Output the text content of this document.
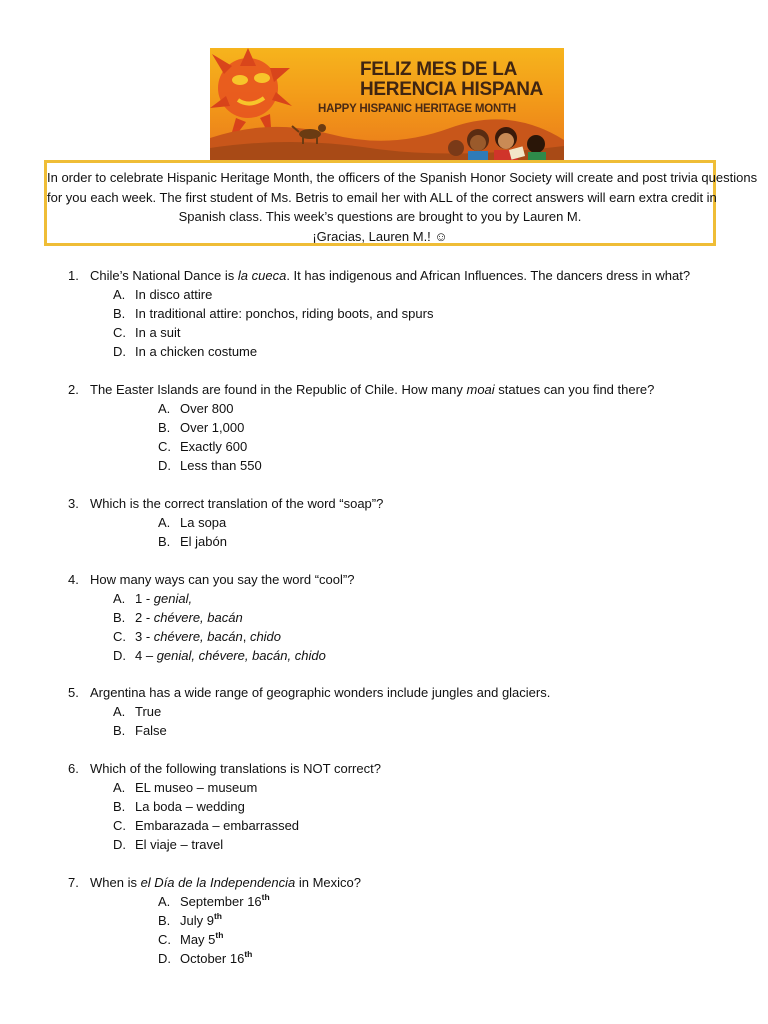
FELIZ MES DE LA
HERENCIA HISPANA
HAPPY HISPANIC HERITAGE MONTH
In order to celebrate Hispanic Heritage Month, the officers of the Spanish Honor Society will create and post trivia questions
for you each week. The first student of Ms. Betris to email her with ALL of the correct answers will earn extra credit in
Spanish class. This week’s questions are brought to you by Lauren M.
¡Gracias, Lauren M.! ☺
1. Chile’s National Dance is la cueca. It has indigenous and African Influences. The dancers dress in what?
A. In disco attire
B. In traditional attire: ponchos, riding boots, and spurs
C. In a suit
D. In a chicken costume
2. The Easter Islands are found in the Republic of Chile. How many moai statues can you find there?
A. Over 800
B. Over 1,000
C. Exactly 600
D. Less than 550
3. Which is the correct translation of the word “soap”?
A. La sopa
B. El jabón
4. How many ways can you say the word “cool”?
A. 1 - genial,
B. 2 - chévere, bacán
C. 3 - chévere, bacán, chido
D. 4 – genial, chévere, bacán, chido
5. Argentina has a wide range of geographic wonders include jungles and glaciers.
A. True
B. False
6. Which of the following translations is NOT correct?
A. EL museo – museum
B. La boda – wedding
C. Embarazada – embarrassed
D. El viaje – travel
7. When is el Día de la Independencia in Mexico?
A. September 16th
B. July 9th
C. May 5th
D. October 16th
